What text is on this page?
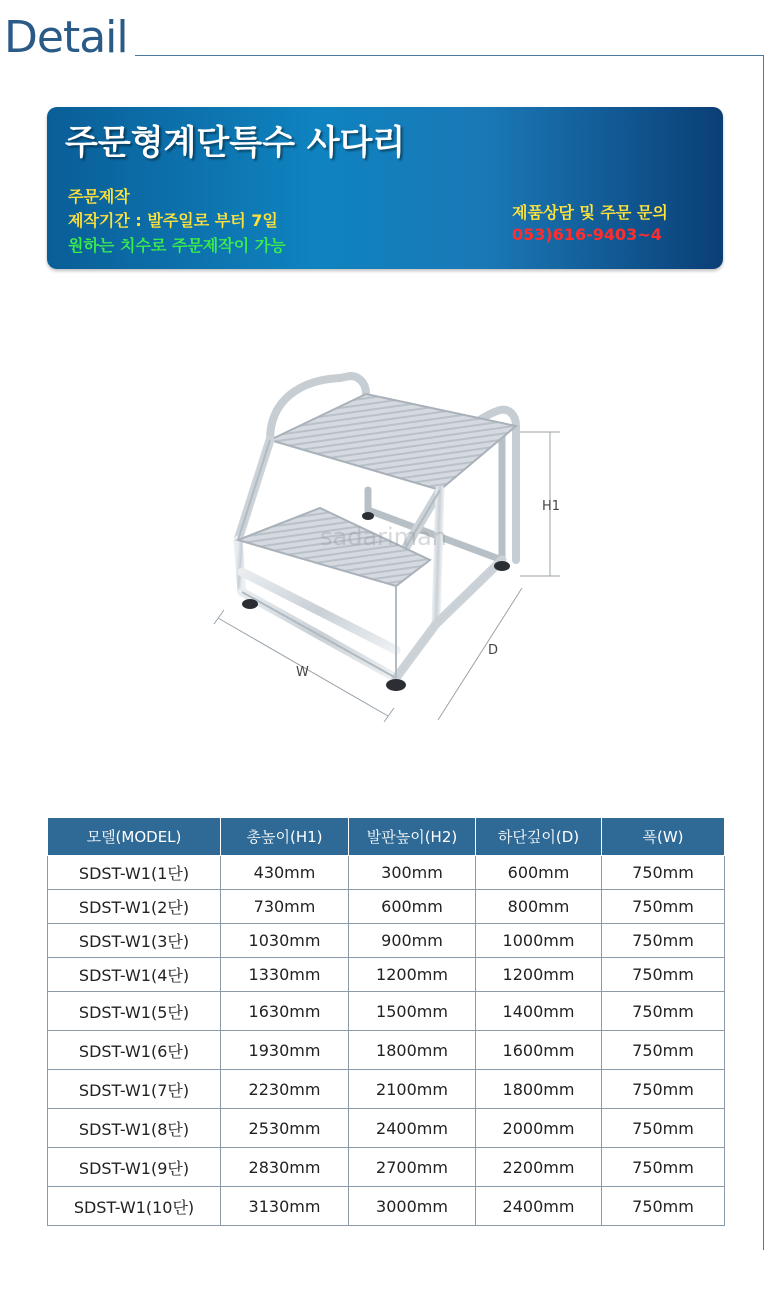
Detail
주문형계단특수 사다리
주문제작
제작기간 : 발주일로 부터 7일
원하는 치수로 주문제작이 가능
제품상담 및 주문 문의
053)616-9403~4
H1
D
W
sadariman
모델(MODEL)	총높이(H1)	발판높이(H2)	하단깊이(D)	폭(W)
SDST-W1(1단)	430mm	300mm	600mm	750mm
SDST-W1(2단)	730mm	600mm	800mm	750mm
SDST-W1(3단)	1030mm	900mm	1000mm	750mm
SDST-W1(4단)	1330mm	1200mm	1200mm	750mm
SDST-W1(5단)	1630mm	1500mm	1400mm	750mm
SDST-W1(6단)	1930mm	1800mm	1600mm	750mm
SDST-W1(7단)	2230mm	2100mm	1800mm	750mm
SDST-W1(8단)	2530mm	2400mm	2000mm	750mm
SDST-W1(9단)	2830mm	2700mm	2200mm	750mm
SDST-W1(10단)	3130mm	3000mm	2400mm	750mm
